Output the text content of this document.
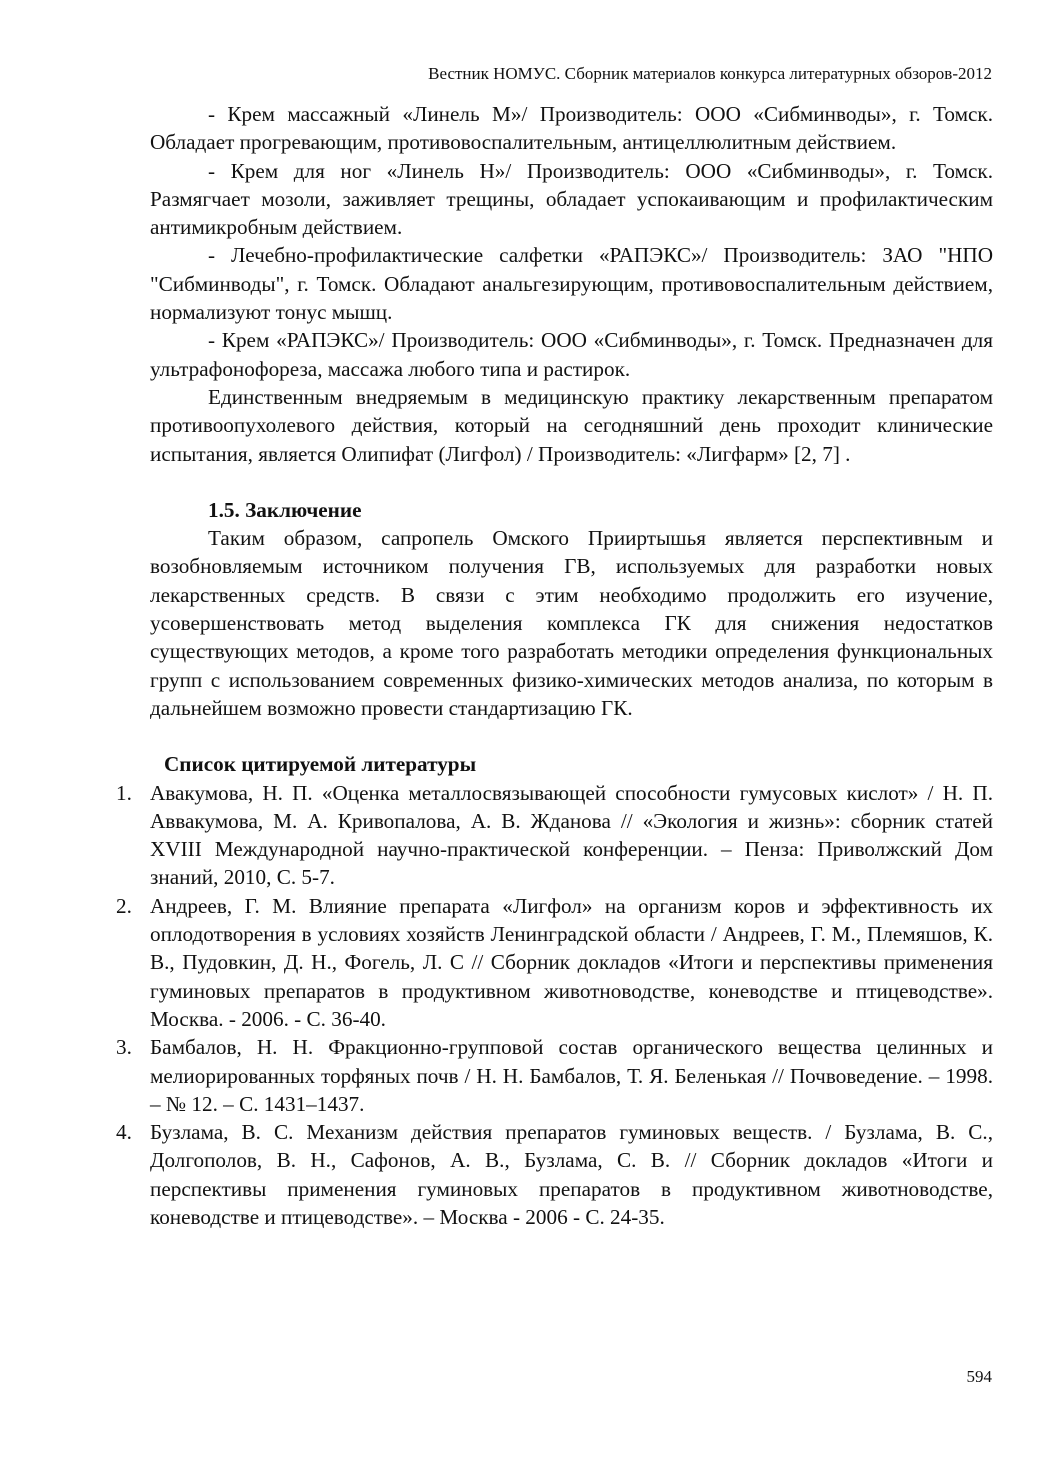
Вестник НОМУС. Сборник материалов конкурса литературных обзоров-2012

- Крем массажный «Линель М»/ Производитель: ООО «Сибминводы», г. Томск. Обладает прогревающим, противовоспалительным, антицеллюлитным действием.

- Крем для ног «Линель Н»/ Производитель: ООО «Сибминводы», г. Томск. Размягчает мозоли, заживляет трещины, обладает успокаивающим и профилактическим антимикробным действием.

- Лечебно-профилактические салфетки «РАПЭКС»/ Производитель: ЗАО "НПО "Сибминводы", г. Томск. Обладают анальгезирующим, противовоспалительным действием, нормализуют тонус мышц.

- Крем «РАПЭКС»/ Производитель: ООО «Сибминводы», г. Томск. Предназначен для ультрафонофореза, массажа любого типа и растирок.

Единственным внедряемым в медицинскую практику лекарственным препаратом противоопухолевого действия, который на сегодняшний день проходит клинические испытания, является Олипифат (Лигфол) / Производитель: «Лигфарм» [2, 7] .

1.5. Заключение

Таким образом, сапропель Омского Прииртышья является перспективным и возобновляемым источником получения ГВ, используемых для разработки новых лекарственных средств. В связи с этим необходимо продолжить его изучение, усовершенствовать метод выделения комплекса ГК для снижения недостатков существующих методов, а кроме того разработать методики определения функциональных групп с использованием современных физико-химических методов анализа, по которым в дальнейшем возможно провести стандартизацию ГК.

Список цитируемой литературы
1. Авакумова, Н. П. «Оценка металлосвязывающей способности гумусовых кислот» / Н. П. Аввакумова, М. А. Кривопалова, А. В. Жданова // «Экология и жизнь»: сборник статей XVIII Международной научно-практической конференции. – Пенза: Приволжский Дом знаний, 2010, С. 5-7.
2. Андреев, Г. М. Влияние препарата «Лигфол» на организм коров и эффективность их оплодотворения в условиях хозяйств Ленинградской области / Андреев, Г. М., Племяшов, К. В., Пудовкин, Д. Н., Фогель, Л. С // Сборник докладов «Итоги и перспективы применения гуминовых препаратов в продуктивном животноводстве, коневодстве и птицеводстве». Москва. - 2006. - С. 36-40.
3. Бамбалов, Н. Н. Фракционно-групповой состав органического вещества целинных и мелиорированных торфяных почв / Н. Н. Бамбалов, Т. Я. Беленькая // Почвоведение. – 1998. – № 12. – С. 1431–1437.
4. Бузлама, В. С. Механизм действия препаратов гуминовых веществ. / Бузлама, В. С., Долгополов, В. Н., Сафонов, А. В., Бузлама, С. В. // Сборник докладов «Итоги и перспективы применения гуминовых препаратов в продуктивном животноводстве, коневодстве и птицеводстве». – Москва - 2006 - С. 24-35.
594
